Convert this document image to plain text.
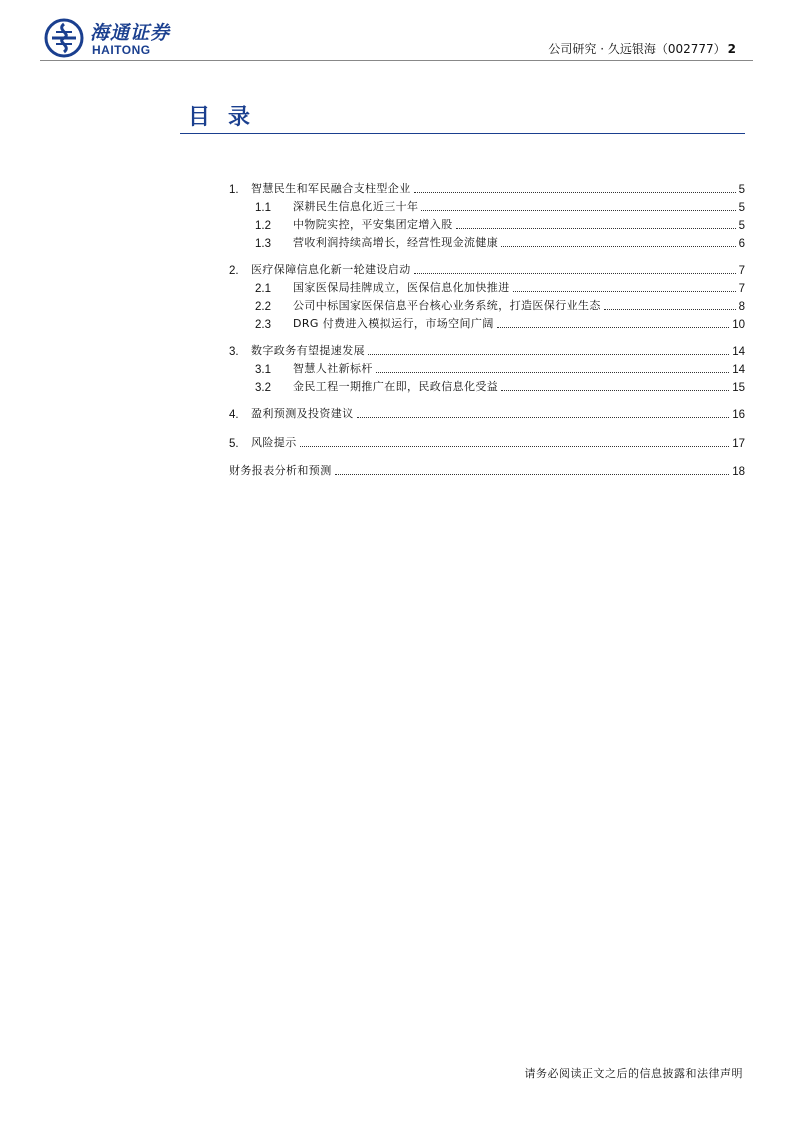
海通证券
HAITONG	公司研究 · 久远银海（002777） 2
目录
1.	智慧民生和军民融合支柱型企业	5
1.1	深耕民生信息化近三十年	5
1.2	中物院实控，平安集团定增入股	5
1.3	营收利润持续高增长，经营性现金流健康	6
2.	医疗保障信息化新一轮建设启动	7
2.1	国家医保局挂牌成立，医保信息化加快推进	7
2.2	公司中标国家医保信息平台核心业务系统，打造医保行业生态	8
2.3	DRG 付费进入模拟运行，市场空间广阔	10
3.	数字政务有望提速发展	14
3.1	智慧人社新标杆	14
3.2	金民工程一期推广在即，民政信息化受益	15
4.	盈利预测及投资建议	16
5.	风险提示	17
财务报表分析和预测	18
请务必阅读正文之后的信息披露和法律声明
